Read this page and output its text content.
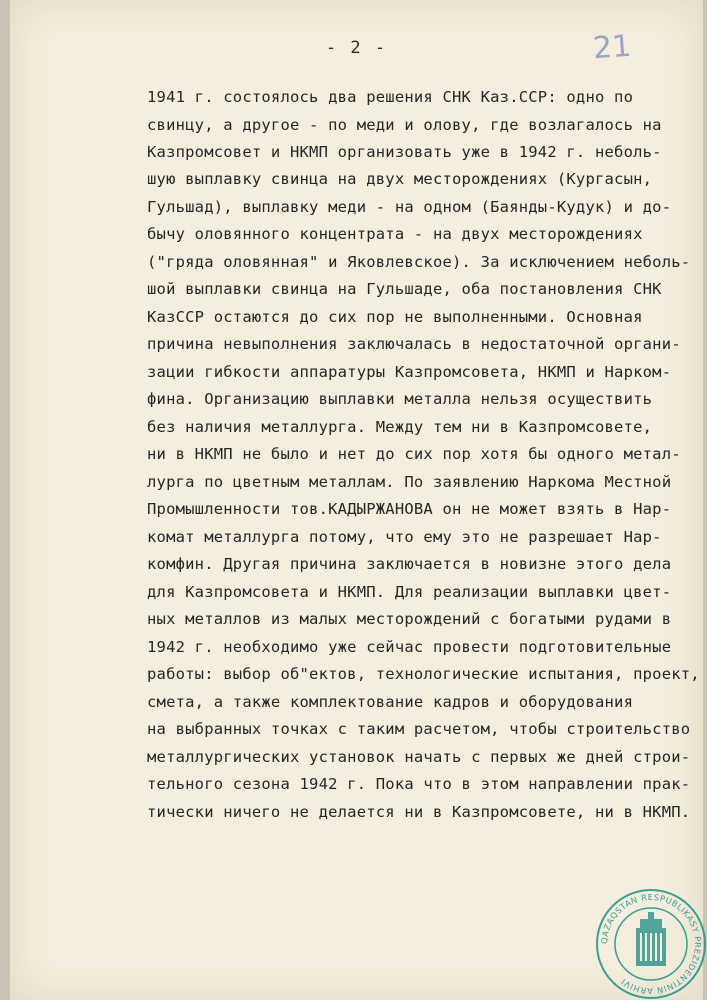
- 2 -	21
1941 г. состоялось два решения СНК Каз.ССР: одно по
свинцу, а другое - по меди и олову, где возлагалось на
Казпромсовет и НКМП организовать уже в 1942 г. неболь-
шую выплавку свинца на двух месторождениях (Кургасын,
Гульшад), выплавку меди - на одном (Баянды-Кудук) и до-
бычу оловянного концентрата - на двух месторождениях
("гряда оловянная" и Яковлевское). За исключением неболь-
шой выплавки свинца на Гульшаде, оба постановления СНК
КазССР остаются до сих пор не выполненными. Основная
причина невыполнения заключалась в недостаточной органи-
зации гибкости аппаратуры Казпромсовета, НКМП и Нарком-
фина. Организацию выплавки металла нельзя осуществить
без наличия металлурга. Между тем ни в Казпромсовете,
ни в НКМП не было и нет до сих пор хотя бы одного метал-
лурга по цветным металлам. По заявлению Наркома Местной
Промышленности тов.КАДЫРЖАНОВА он не может взять в Нар-
комат металлурга потому, что ему это не разрешает Нар-
комфин. Другая причина заключается в новизне этого дела
для Казпромсовета и НКМП. Для реализации выплавки цвет-
ных металлов из малых месторождений с богатыми рудами в
1942 г. необходимо уже сейчас провести подготовительные
работы: выбор об"ектов, технологические испытания, проект,
смета, а также комплектование кадров и оборудования
на выбранных точках с таким расчетом, чтобы строительство
металлургических установок начать с первых же дней строи-
тельного сезона 1942 г. Пока что в этом направлении прак-
тически ничего не делается ни в Казпромсовете, ни в НКМП.
QAZAQSTAN RESPUBLIKASY PREZIDENTINIŃ ARHIVI
